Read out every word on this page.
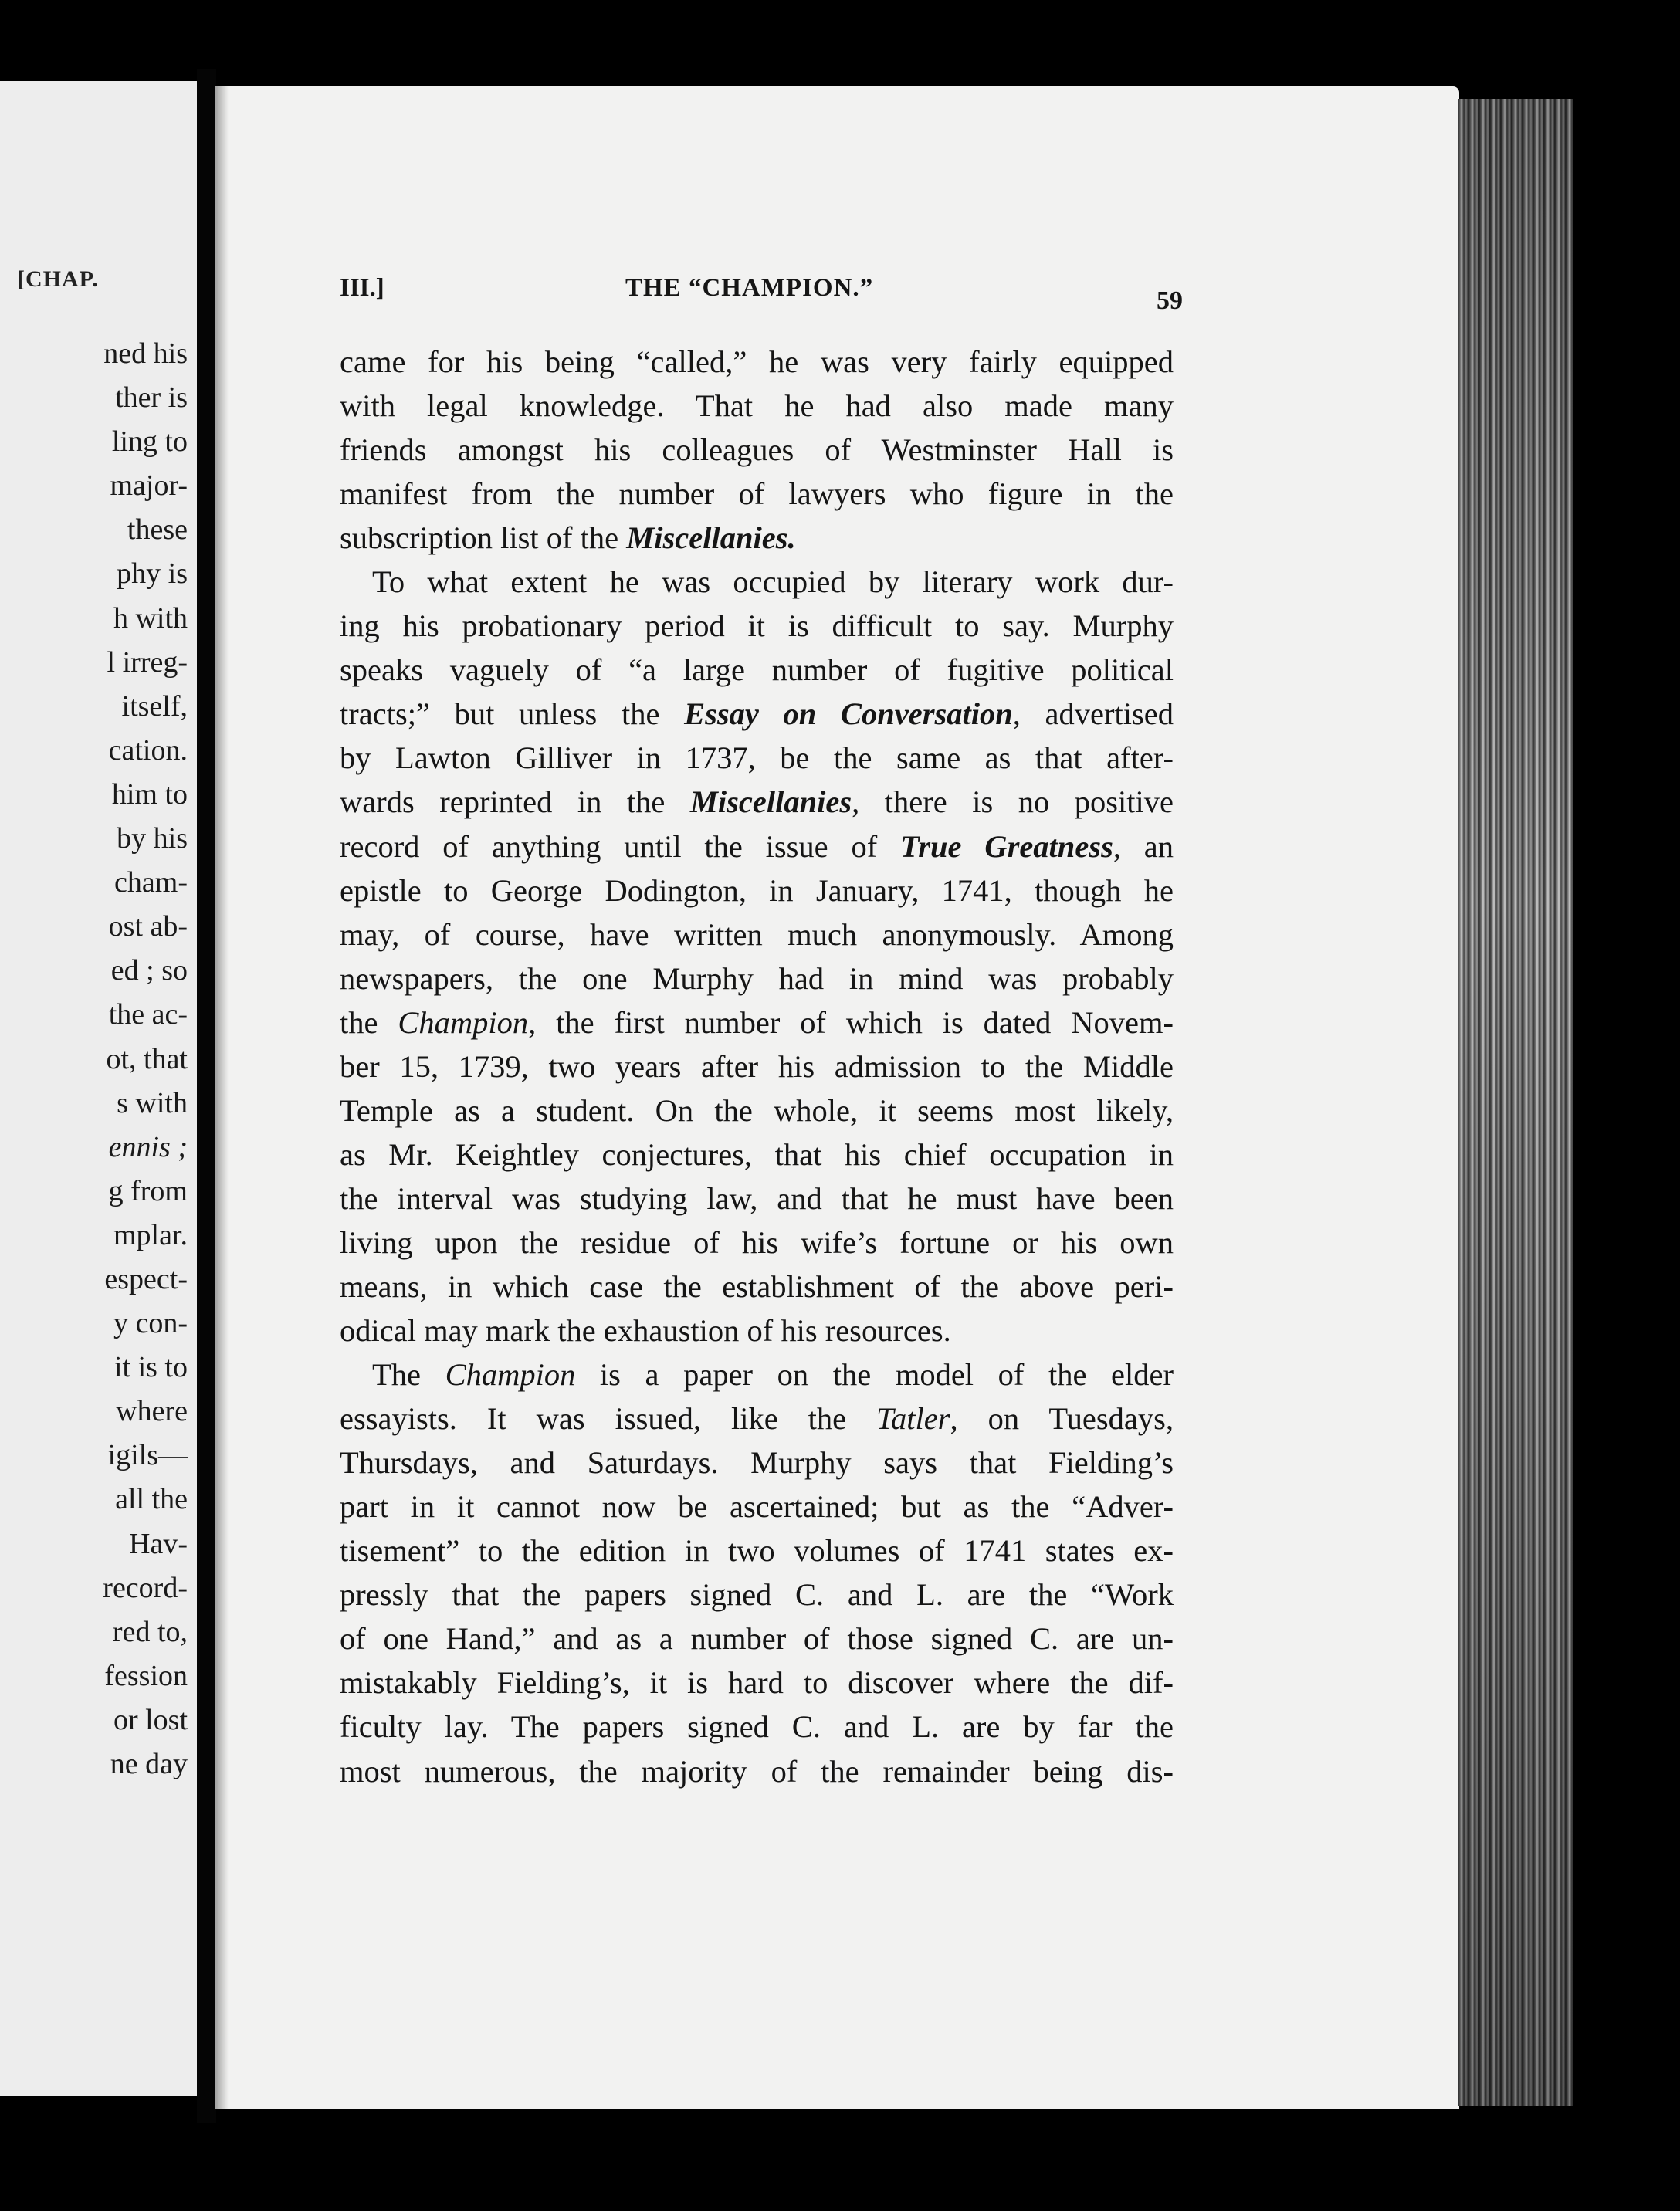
[CHAP.
ned his
ther is
ling to
major-
these
phy is
h with
l irreg-
itself,
cation.
him to
by his
cham-
ost ab-
ed ; so
the ac-
ot, that
s with
ennis ;
g from
mplar.
espect-
y con-
it is to
where
igils—
all the
Hav-
record-
red to,
fession
or lost
ne day
III.]	THE “CHAMPION.”	59
came for his being “called,” he was very fairly equipped
with legal knowledge. That he had also made many
friends amongst his colleagues of Westminster Hall is
manifest from the number of lawyers who figure in the
subscription list of the Miscellanies.
To what extent he was occupied by literary work dur-
ing his probationary period it is difficult to say. Murphy
speaks vaguely of “a large number of fugitive political
tracts;” but unless the Essay on Conversation, advertised
by Lawton Gilliver in 1737, be the same as that after-
wards reprinted in the Miscellanies, there is no positive
record of anything until the issue of True Greatness, an
epistle to George Dodington, in January, 1741, though he
may, of course, have written much anonymously. Among
newspapers, the one Murphy had in mind was probably
the Champion, the first number of which is dated Novem-
ber 15, 1739, two years after his admission to the Middle
Temple as a student. On the whole, it seems most likely,
as Mr. Keightley conjectures, that his chief occupation in
the interval was studying law, and that he must have been
living upon the residue of his wife’s fortune or his own
means, in which case the establishment of the above peri-
odical may mark the exhaustion of his resources.
The Champion is a paper on the model of the elder
essayists. It was issued, like the Tatler, on Tuesdays,
Thursdays, and Saturdays. Murphy says that Fielding’s
part in it cannot now be ascertained; but as the “Adver-
tisement” to the edition in two volumes of 1741 states ex-
pressly that the papers signed C. and L. are the “Work
of one Hand,” and as a number of those signed C. are un-
mistakably Fielding’s, it is hard to discover where the dif-
ficulty lay. The papers signed C. and L. are by far the
most numerous, the majority of the remainder being dis-
